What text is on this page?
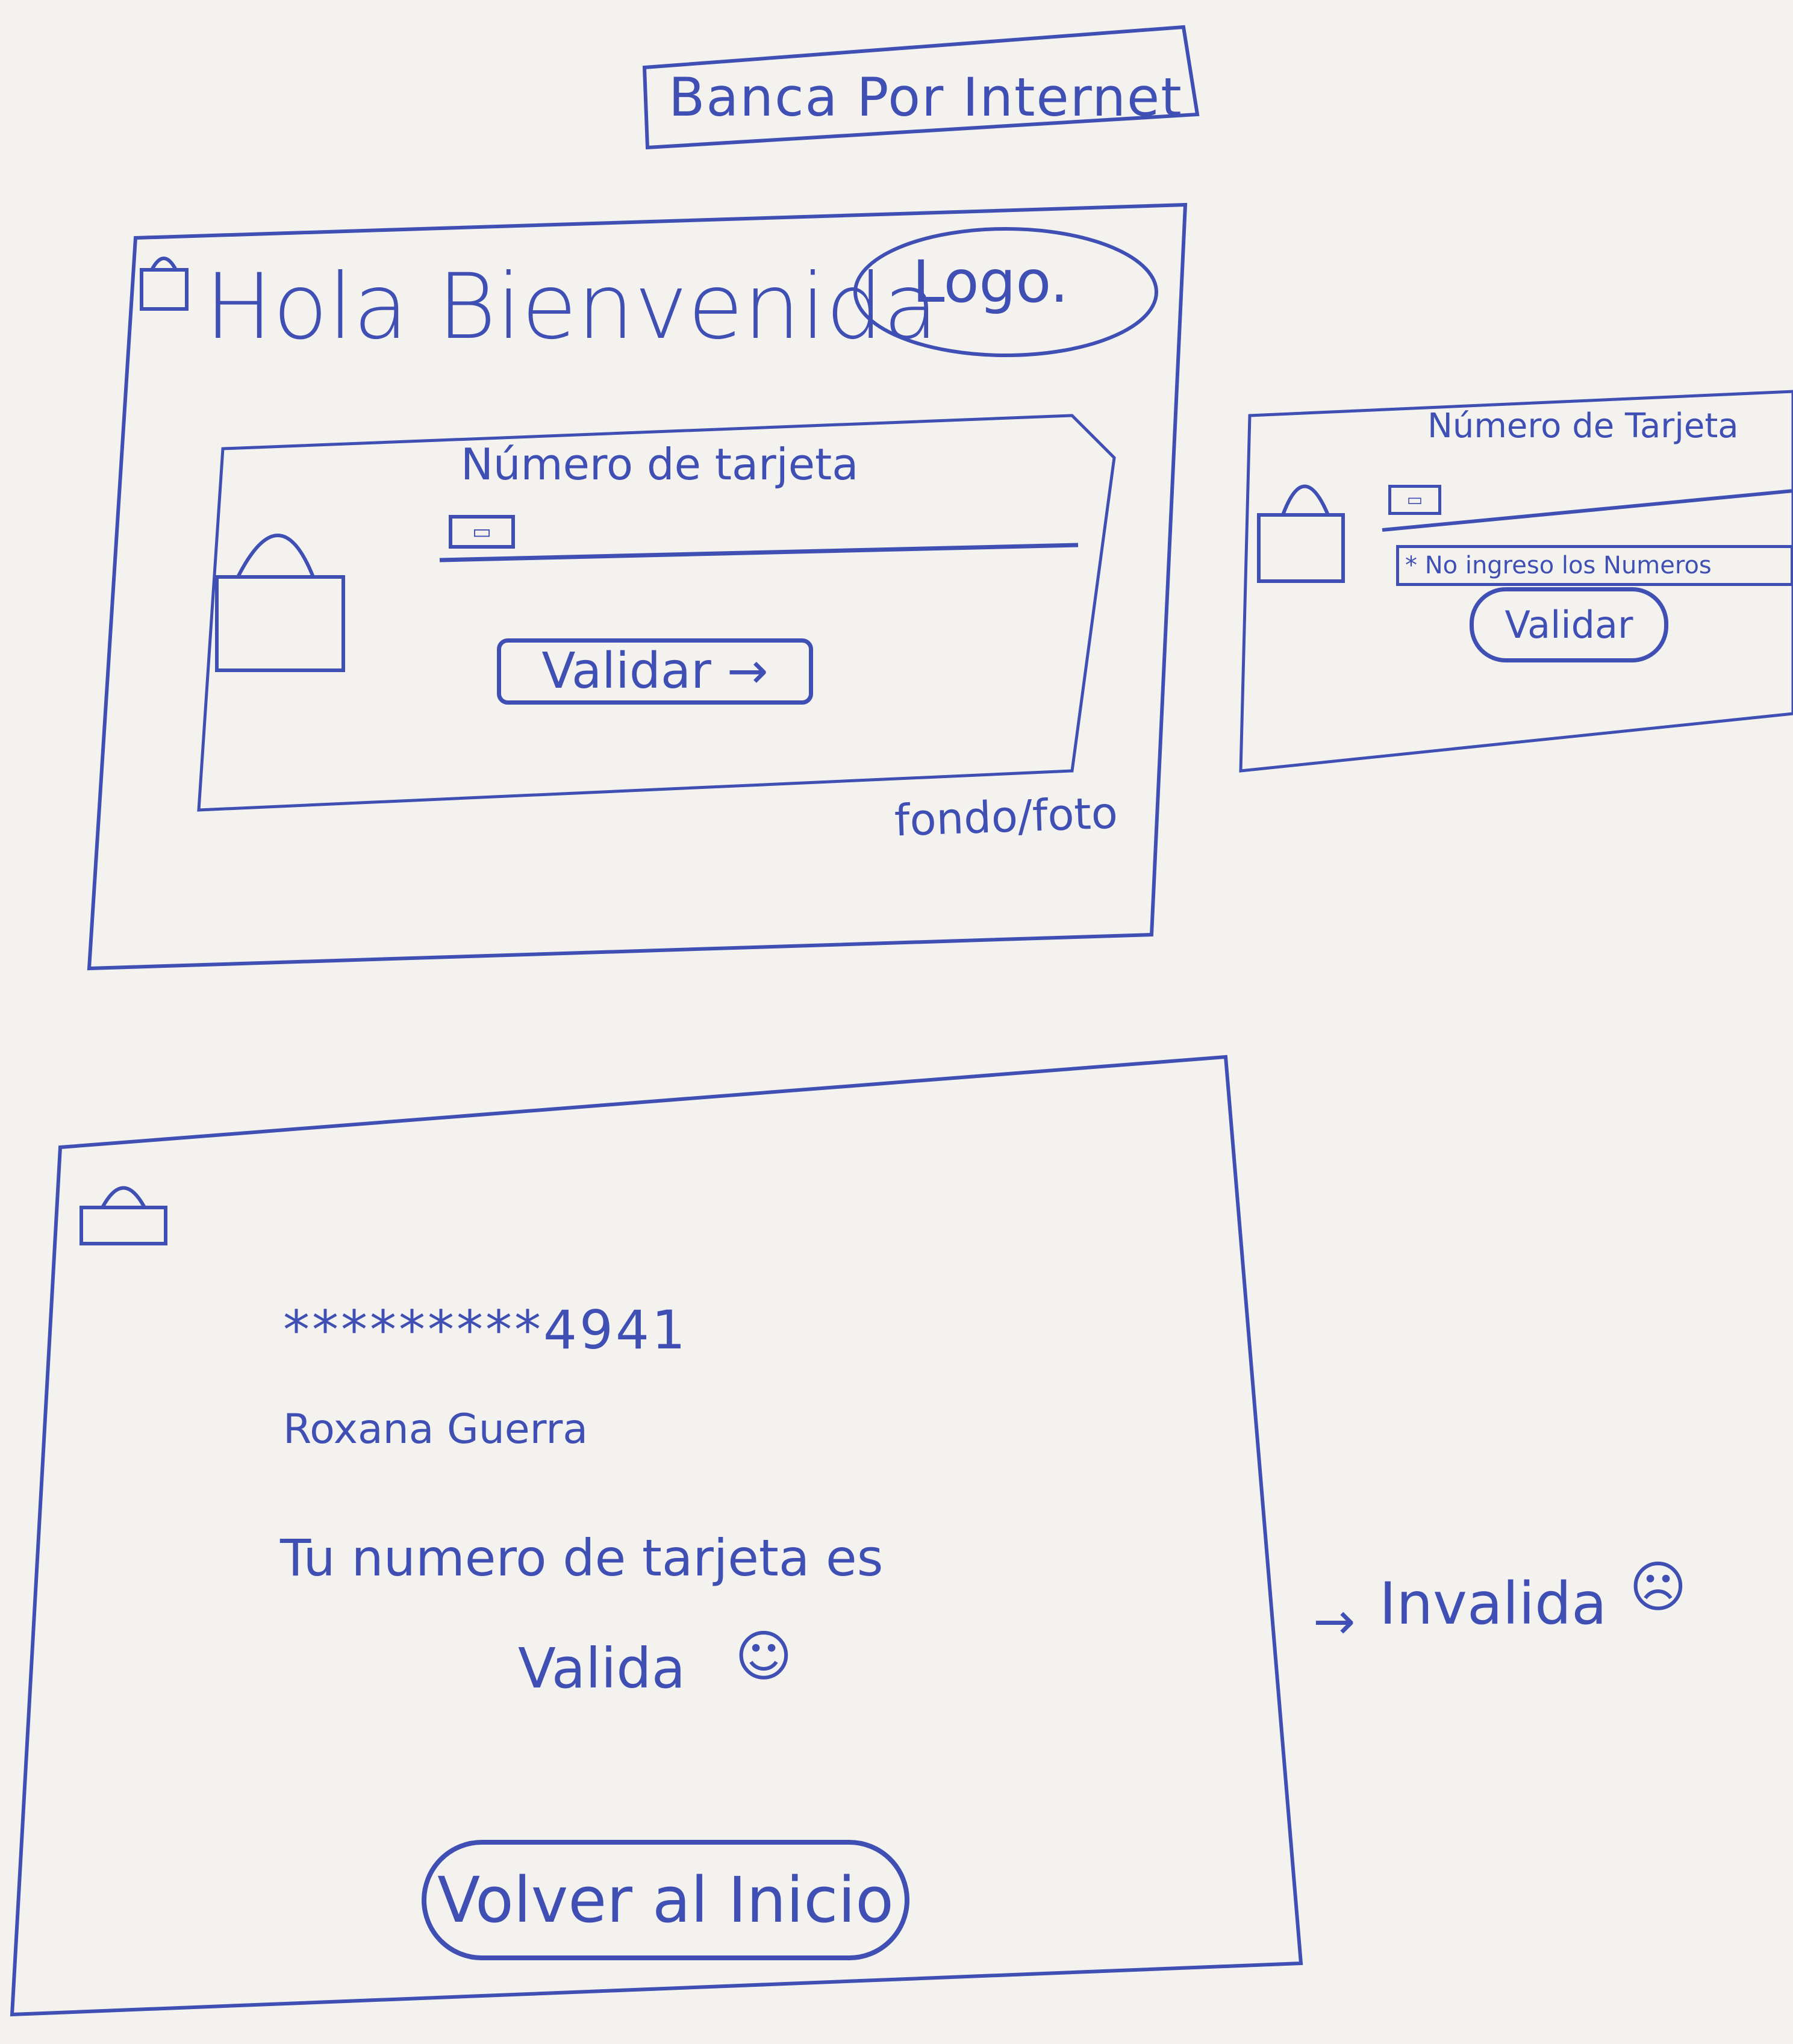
Banca Por Internet
Hola Bienvenida
Logo.
Número de tarjeta
▭
Validar →
fondo/foto
Número de Tarjeta
▭
* No ingreso los Numeros
Validar
*********4941
Roxana Guerra
Tu numero de tarjeta es
Valida ☺
Volver al Inicio
→ Invalida ☹
